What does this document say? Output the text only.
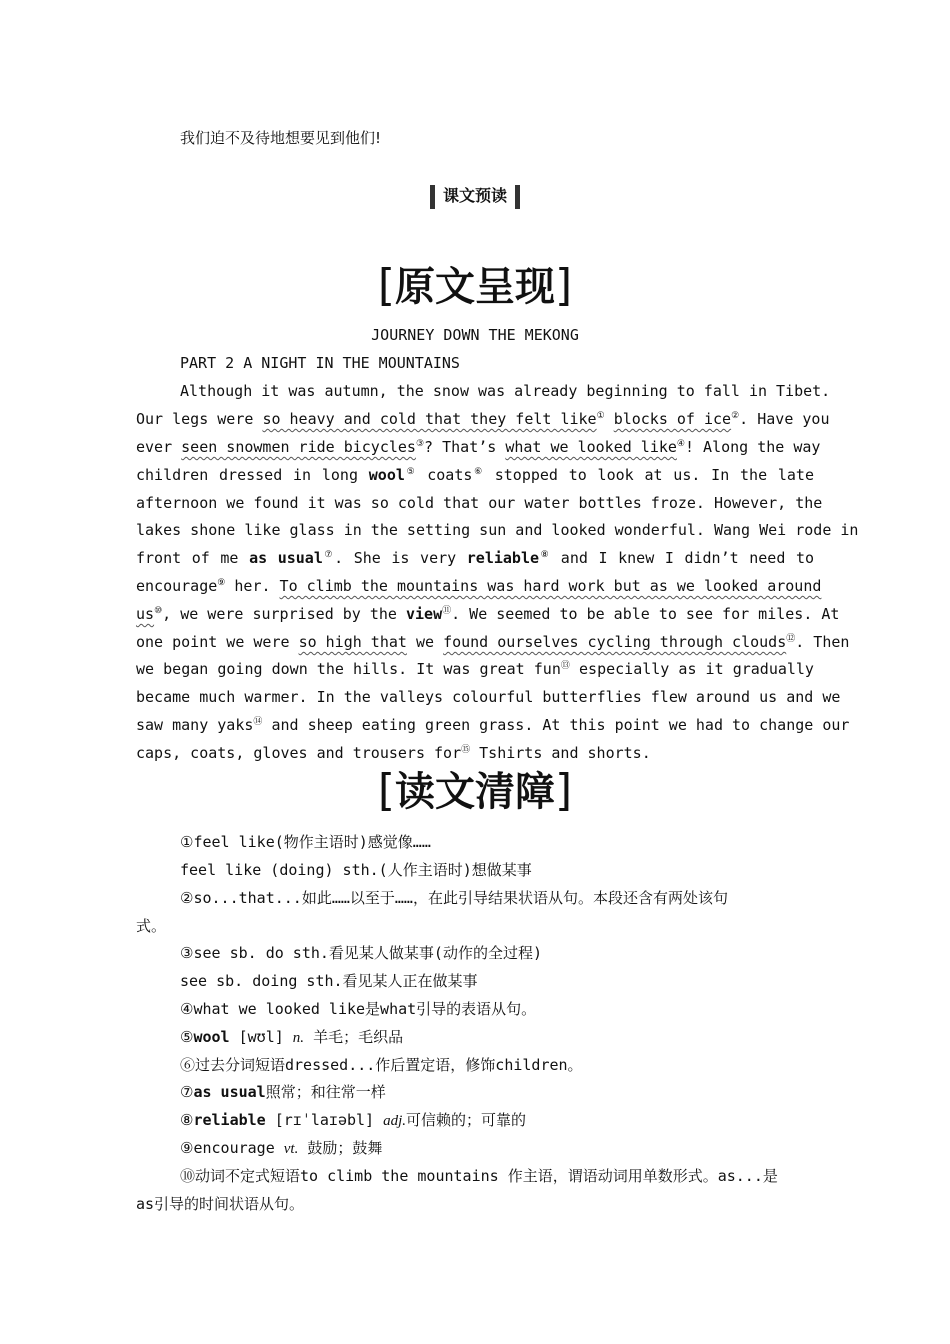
我们迫不及待地想要见到他们!
课文预读
[原文呈现]
JOURNEY DOWN THE MEKONG
PART 2 A NIGHT IN THE MOUNTAINS
Although it was autumn, the snow was already beginning to fall in Tibet.
Our legs were so heavy and cold that they felt like① blocks of ice②. Have you
ever seen snowmen ride bicycles③? That’s what we looked like④! Along the way
children dressed in long wool⑤ coats⑥ stopped to look at us. In the late
afternoon we found it was so cold that our water bottles froze. However, the
lakes shone like glass in the setting sun and looked wonderful. Wang Wei rode in
front of me as usual⑦. She is very reliable⑧ and I knew I didn’t need to
encourage⑨ her. To climb the mountains was hard work but as we looked around
us⑩, we were surprised by the view⑪. We seemed to be able to see for miles. At
one point we were so high that we found ourselves cycling through clouds⑫. Then
we began going down the hills. It was great fun⑬ especially as it gradually
became much warmer. In the valleys colourful butterflies flew around us and we
saw many yaks⑭ and sheep eating green grass. At this point we had to change our
caps, coats, gloves and trousers for⑮ Tshirts and shorts.
[读文清障]
①feel like(物作主语时)感觉像……
feel like (doing) sth.(人作主语时)想做某事
②so...that...如此……以至于……，在此引导结果状语从句。本段还含有两处该句
式。
③see sb. do sth.看见某人做某事(动作的全过程)
see sb. doing sth.看见某人正在做某事
④what we looked like是what引导的表语从句。
⑤wool [wʊl] n. 羊毛；毛织品
⑥过去分词短语dressed...作后置定语，修饰children。
⑦as usual照常；和往常一样
⑧reliable [rɪˈlaɪəbl] adj.可信赖的；可靠的
⑨encourage vt. 鼓励；鼓舞
⑩动词不定式短语to climb the mountains 作主语，谓语动词用单数形式。as...是
as引导的时间状语从句。
